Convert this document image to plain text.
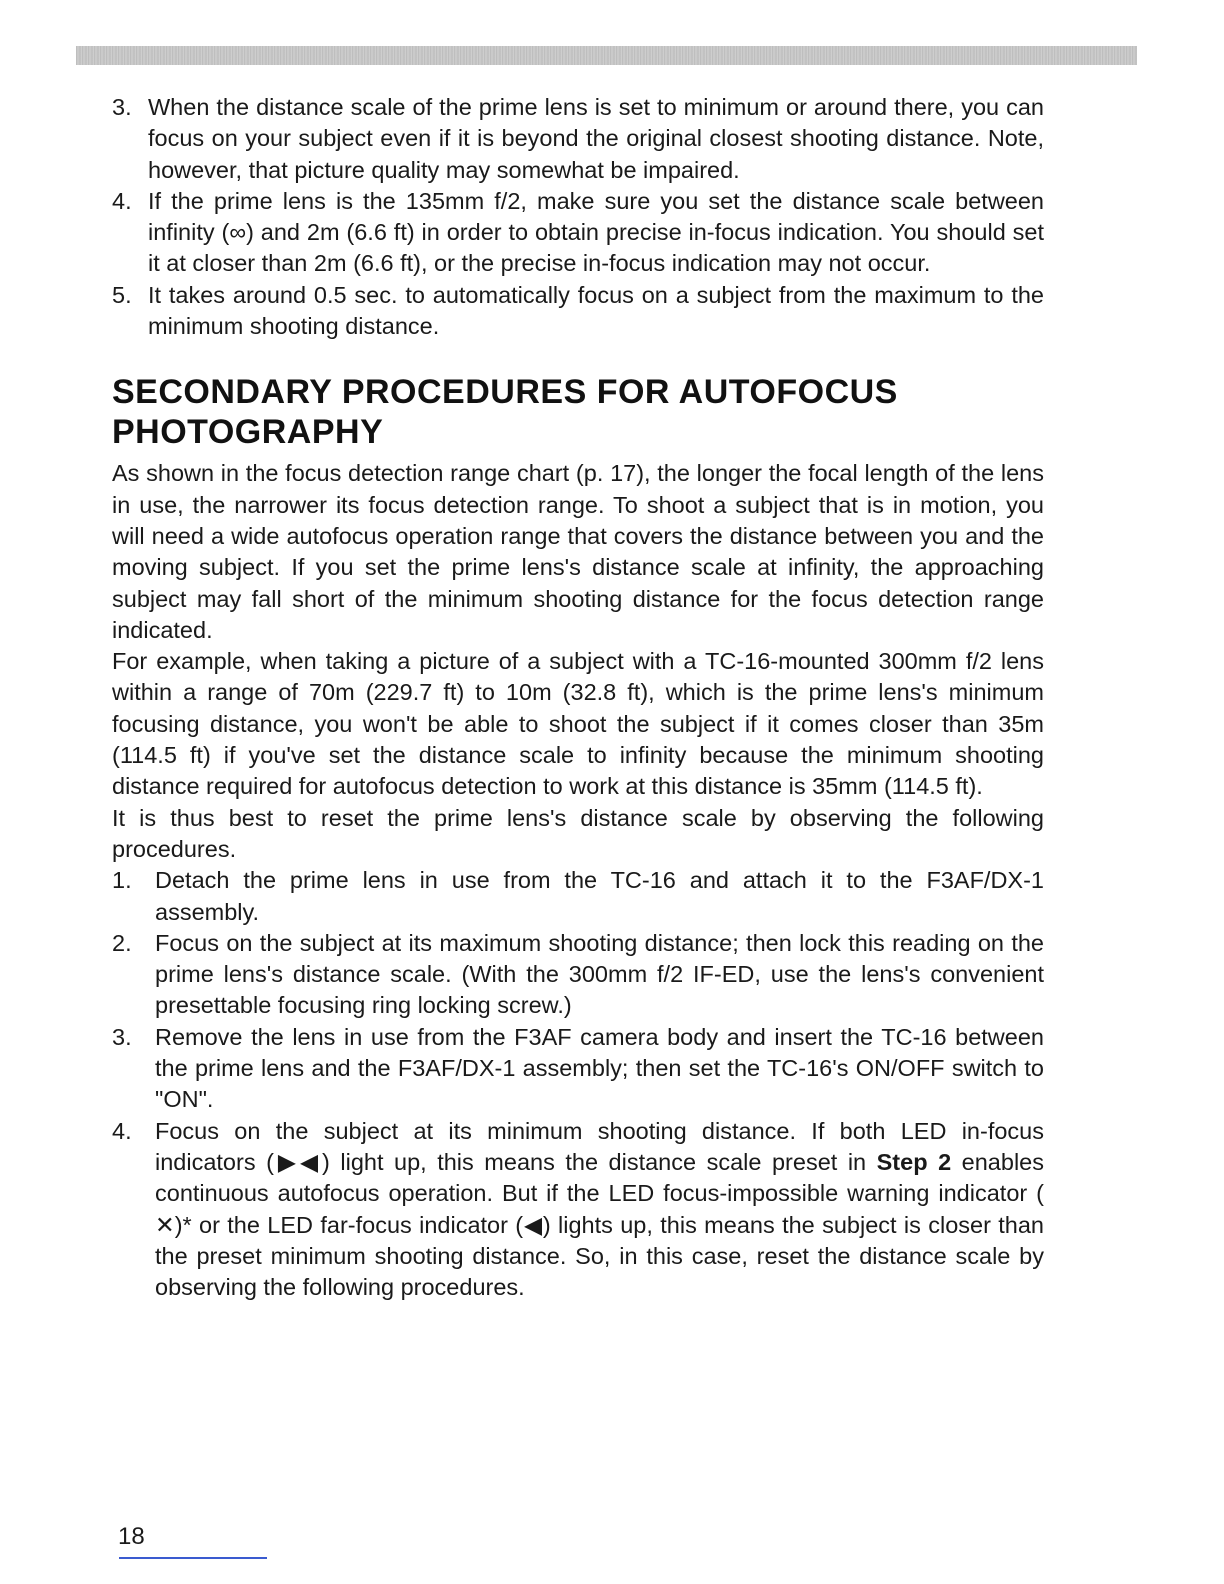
3. When the distance scale of the prime lens is set to minimum or around there, you can focus on your subject even if it is beyond the original closest shooting distance. Note, however, that picture quality may somewhat be impaired.
4. If the prime lens is the 135mm f/2, make sure you set the distance scale between infinity (∞) and 2m (6.6 ft) in order to obtain precise in-focus indication. You should set it at closer than 2m (6.6 ft), or the precise in-focus indication may not occur.
5. It takes around 0.5 sec. to automatically focus on a subject from the maximum to the minimum shooting distance.
SECONDARY PROCEDURES FOR AUTOFOCUS PHOTOGRAPHY

As shown in the focus detection range chart (p. 17), the longer the focal length of the lens in use, the narrower its focus detection range. To shoot a subject that is in motion, you will need a wide autofocus operation range that covers the distance between you and the moving subject. If you set the prime lens's distance scale at infinity, the approaching subject may fall short of the minimum shooting distance for the focus detection range indicated.

For example, when taking a picture of a subject with a TC-16-mounted 300mm f/2 lens within a range of 70m (229.7 ft) to 10m (32.8 ft), which is the prime lens's minimum focusing distance, you won't be able to shoot the subject if it comes closer than 35m (114.5 ft) if you've set the distance scale to infinity because the minimum shooting distance required for autofocus detection to work at this distance is 35mm (114.5 ft).

It is thus best to reset the prime lens's distance scale by observing the following procedures.

1. Detach the prime lens in use from the TC-16 and attach it to the F3AF/DX-1 assembly.
2. Focus on the subject at its maximum shooting distance; then lock this reading on the prime lens's distance scale. (With the 300mm f/2 IF-ED, use the lens's convenient presettable focusing ring locking screw.)
3. Remove the lens in use from the F3AF camera body and insert the TC-16 between the prime lens and the F3AF/DX-1 assembly; then set the TC-16's ON/OFF switch to "ON".
4. Focus on the subject at its minimum shooting distance. If both LED in-focus indicators (▶◀) light up, this means the distance scale preset in Step 2 enables continuous autofocus operation. But if the LED focus-impossible warning indicator ( ✕)* or the LED far-focus indicator (◀) lights up, this means the subject is closer than the preset minimum shooting distance. So, in this case, reset the distance scale by observing the following procedures.
18
